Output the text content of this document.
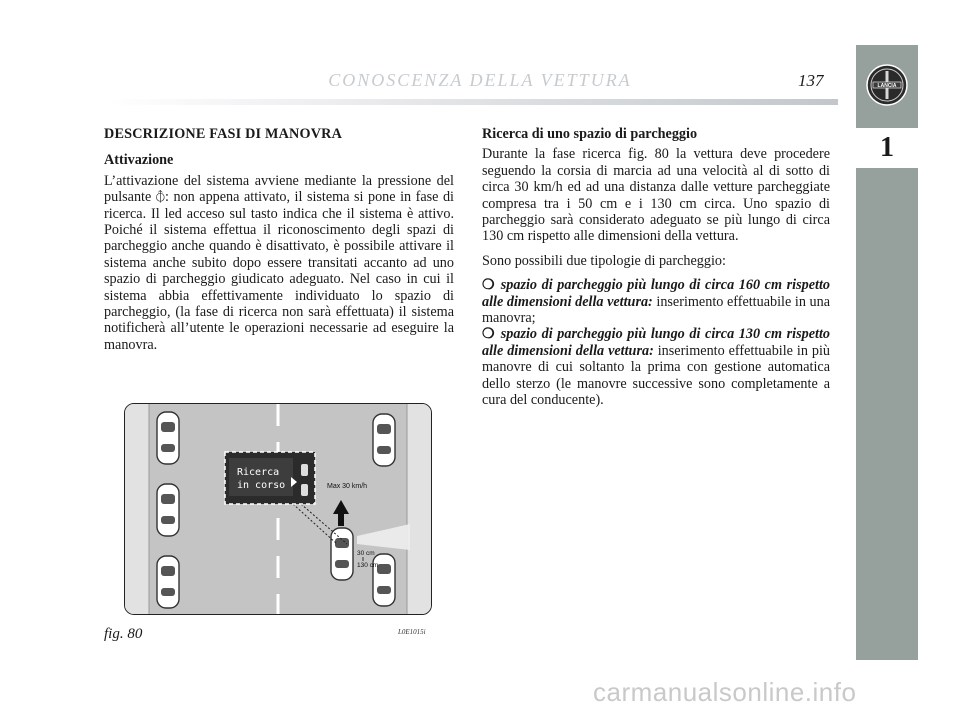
CONOSCENZA DELLA VETTURA	137	LANCIA
1

DESCRIZIONE FASI DI MANOVRA

Attivazione

L’attivazione del sistema avviene mediante la pressione del pulsante ⦽: non appena attivato, il sistema si pone in fase di ricerca. Il led acceso sul tasto indica che il sistema è attivo. Poiché il sistema effettua il riconoscimento degli spazi di parcheggio anche quando è disattivato, è possibile attivare il sistema anche subito dopo essere transitati accanto ad uno spazio di parcheggio giudicato adeguato. Nel caso in cui il sistema abbia effettivamente individuato lo spazio di parcheggio, (la fase di ricerca non sarà effettuata) il sistema notificherà all’utente le operazioni necessarie ad eseguire la manovra.

Ricerca di uno spazio di parcheggio

Durante la fase ricerca fig. 80 la vettura deve procedere seguendo la corsia di marcia ad una velocità al di sotto di circa 30 km/h ed ad una distanza dalle vetture parcheggiate compresa tra i 50 cm e i 130 cm circa. Uno spazio di parcheggio sarà considerato adeguato se più lungo di circa 130 cm rispetto alle dimensioni della vettura.

Sono possibili due tipologie di parcheggio:

❍ spazio di parcheggio più lungo di circa 160 cm rispetto alle dimensioni della vettura: inserimento effettuabile in una manovra;

❍ spazio di parcheggio più lungo di circa 130 cm rispetto alle dimensioni della vettura: inserimento effettuabile in più manovre di cui soltanto la prima con gestione automatica dello sterzo (le manovre successive sono completamente a cura del conducente).

Ricerca
in corso	Max 30 km/h
30 cm
130 cm
fig. 80	L0E1015i
carmanualsonline.info
